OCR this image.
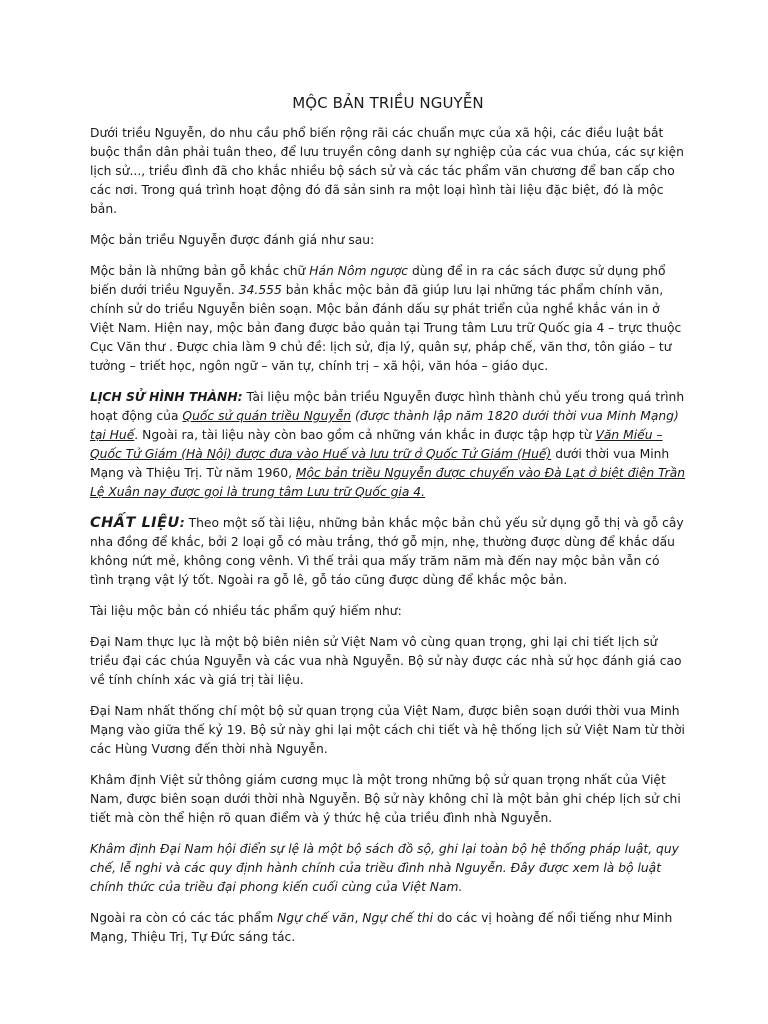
MỘC BẢN TRIỀU NGUYỄN

Dưới triều Nguyễn, do nhu cầu phổ biến rộng rãi các chuẩn mực của xã hội, các điều luật bắt buộc thần dân phải tuân theo, để lưu truyền công danh sự nghiệp của các vua chúa, các sự kiện lịch sử..., triều đình đã cho khắc nhiều bộ sách sử và các tác phẩm văn chương để ban cấp cho các nơi. Trong quá trình hoạt động đó đã sản sinh ra một loại hình tài liệu đặc biệt, đó là mộc bản.

Mộc bản triều Nguyễn được đánh giá như sau:

Mộc bản là những bản gỗ khắc chữ Hán Nôm ngược dùng để in ra các sách được sử dụng phổ biến dưới triều Nguyễn. 34.555 bản khắc mộc bản đã giúp lưu lại những tác phẩm chính văn, chính sử do triều Nguyễn biên soạn. Mộc bản đánh dấu sự phát triển của nghề khắc ván in ở Việt Nam. Hiện nay, mộc bản đang được bảo quản tại Trung tâm Lưu trữ Quốc gia 4 – trực thuộc Cục Văn thư . Được chia làm 9 chủ đề: lịch sử, địa lý, quân sự, pháp chế, văn thơ, tôn giáo – tư tưởng – triết học, ngôn ngữ – văn tự, chính trị – xã hội, văn hóa – giáo dục.

LỊCH SỬ HÌNH THÀNH: Tài liệu mộc bản triều Nguyễn được hình thành chủ yếu trong quá trình hoạt động của Quốc sử quán triều Nguyễn (được thành lập năm 1820 dưới thời vua Minh Mạng) tại Huế. Ngoài ra, tài liệu này còn bao gồm cả những ván khắc in được tập hợp từ Văn Miếu – Quốc Tử Giám (Hà Nội) được đưa vào Huế và lưu trữ ở Quốc Tử Giám (Huế) dưới thời vua Minh Mạng và Thiệu Trị. Từ năm 1960, Mộc bản triều Nguyễn được chuyển vào Đà Lạt ở biệt điện Trần Lệ Xuân nay được gọi là trung tâm Lưu trữ Quốc gia 4.

CHẤT LIỆU: Theo một số tài liệu, những bản khắc mộc bản chủ yếu sử dụng gỗ thị và gỗ cây nha đồng để khắc, bởi 2 loại gỗ có màu trắng, thớ gỗ mịn, nhẹ, thường được dùng để khắc dấu không nứt mẻ, không cong vênh. Vì thế trải qua mấy trăm năm mà đến nay mộc bản vẫn có tình trạng vật lý tốt. Ngoài ra gỗ lê, gỗ táo cũng được dùng để khắc mộc bản.

Tài liệu mộc bản có nhiều tác phẩm quý hiếm như:

Đại Nam thực lục là một bộ biên niên sử Việt Nam vô cùng quan trọng, ghi lại chi tiết lịch sử triều đại các chúa Nguyễn và các vua nhà Nguyễn. Bộ sử này được các nhà sử học đánh giá cao về tính chính xác và giá trị tài liệu.

Đại Nam nhất thống chí một bộ sử quan trọng của Việt Nam, được biên soạn dưới thời vua Minh Mạng vào giữa thế kỷ 19. Bộ sử này ghi lại một cách chi tiết và hệ thống lịch sử Việt Nam từ thời các Hùng Vương đến thời nhà Nguyễn.

Khâm định Việt sử thông giám cương mục là một trong những bộ sử quan trọng nhất của Việt Nam, được biên soạn dưới thời nhà Nguyễn. Bộ sử này không chỉ là một bản ghi chép lịch sử chi tiết mà còn thể hiện rõ quan điểm và ý thức hệ của triều đình nhà Nguyễn.

Khâm định Đại Nam hội điển sự lệ là một bộ sách đồ sộ, ghi lại toàn bộ hệ thống pháp luật, quy chế, lễ nghi và các quy định hành chính của triều đình nhà Nguyễn. Đây được xem là bộ luật chính thức của triều đại phong kiến cuối cùng của Việt Nam.

Ngoài ra còn có các tác phẩm Ngự chế văn, Ngự chế thi do các vị hoàng đế nổi tiếng như Minh Mạng, Thiệu Trị, Tự Đức sáng tác.
